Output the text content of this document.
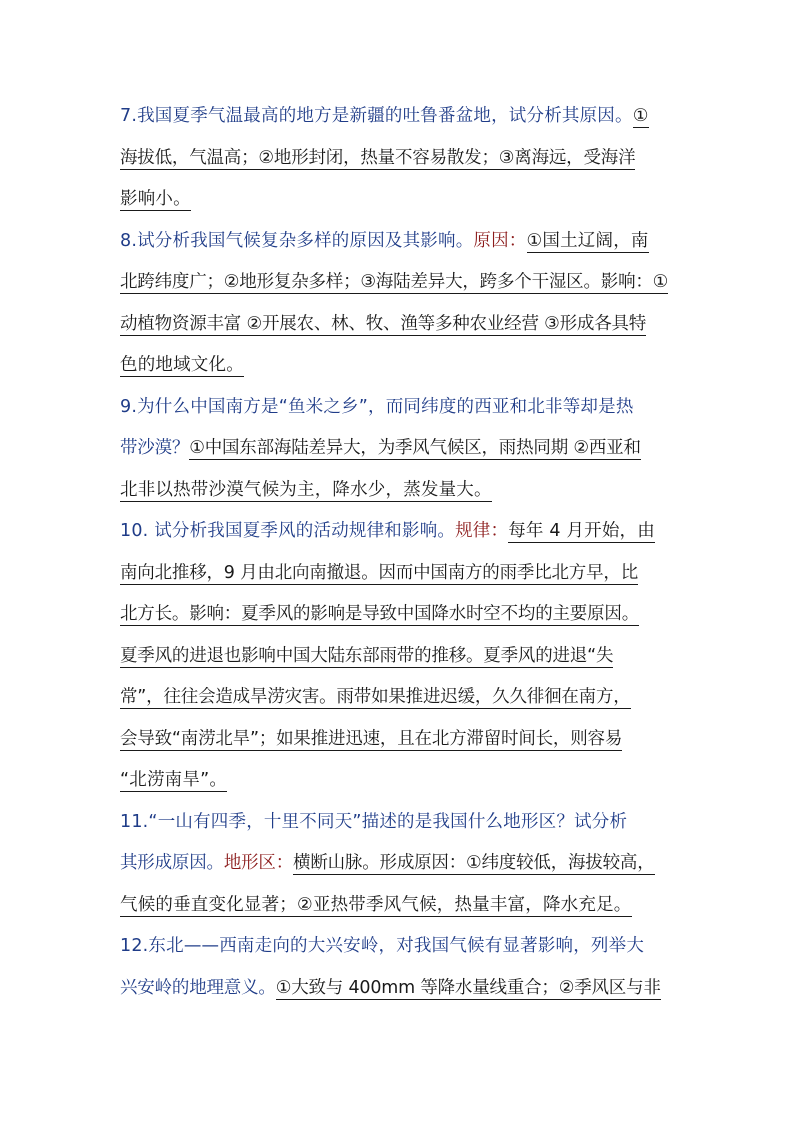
7.我国夏季气温最高的地方是新疆的吐鲁番盆地，试分析其原因。①
海拔低，气温高；②地形封闭，热量不容易散发；③离海远，受海洋
影响小。
8.试分析我国气候复杂多样的原因及其影响。原因：①国土辽阔，南
北跨纬度广；②地形复杂多样；③海陆差异大，跨多个干湿区。影响：①
动植物资源丰富 ②开展农、林、牧、渔等多种农业经营 ③形成各具特
色的地域文化。
9.为什么中国南方是“鱼米之乡”，而同纬度的西亚和北非等却是热
带沙漠？①中国东部海陆差异大，为季风气候区，雨热同期 ②西亚和
北非以热带沙漠气候为主，降水少，蒸发量大。
10. 试分析我国夏季风的活动规律和影响。规律：每年 4 月开始，由
南向北推移，9 月由北向南撤退。因而中国南方的雨季比北方早，比
北方长。影响：夏季风的影响是导致中国降水时空不均的主要原因。
夏季风的进退也影响中国大陆东部雨带的推移。夏季风的进退“失
常”，往往会造成旱涝灾害。雨带如果推进迟缓，久久徘徊在南方，
会导致“南涝北旱”；如果推进迅速，且在北方滞留时间长，则容易
“北涝南旱”。
11.“一山有四季，十里不同天”描述的是我国什么地形区？试分析
其形成原因。地形区：横断山脉。形成原因：①纬度较低，海拔较高，
气候的垂直变化显著；②亚热带季风气候，热量丰富，降水充足。
12.东北——西南走向的大兴安岭，对我国气候有显著影响，列举大
兴安岭的地理意义。①大致与 400mm 等降水量线重合；②季风区与非
